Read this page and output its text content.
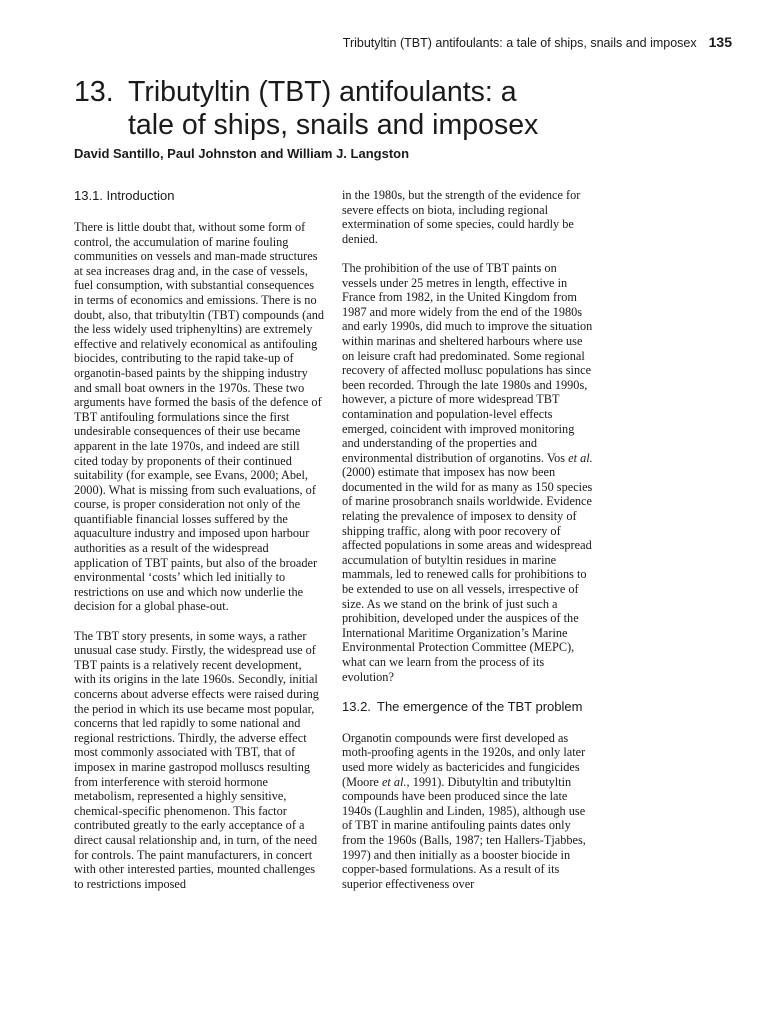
Tributyltin (TBT) antifoulants: a tale of ships, snails and imposex 135
13. Tributyltin (TBT) antifoulants: a
tale of ships, snails and imposex
David Santillo, Paul Johnston and William J. Langston
13.1. Introduction

There is little doubt that, without some form of control, the accumulation of marine fouling communities on vessels and man-made structures at sea increases drag and, in the case of vessels, fuel consumption, with substantial consequences in terms of economics and emissions. There is no doubt, also, that tributyltin (TBT) compounds (and the less widely used triphenyltins) are extremely effective and relatively economical as antifouling biocides, contributing to the rapid take-up of organotin-based paints by the shipping industry and small boat owners in the 1970s. These two arguments have formed the basis of the defence of TBT antifouling formulations since the first undesirable consequences of their use became apparent in the late 1970s, and indeed are still cited today by proponents of their continued suitability (for example, see Evans, 2000; Abel, 2000). What is missing from such evaluations, of course, is proper consideration not only of the quantifiable financial losses suffered by the aquaculture industry and imposed upon harbour authorities as a result of the widespread application of TBT paints, but also of the broader environmental ‘costs’ which led initially to restrictions on use and which now underlie the decision for a global phase-out.

The TBT story presents, in some ways, a rather unusual case study. Firstly, the widespread use of TBT paints is a relatively recent development, with its origins in the late 1960s. Secondly, initial concerns about adverse effects were raised during the period in which its use became most popular, concerns that led rapidly to some national and regional restrictions. Thirdly, the adverse effect most commonly associated with TBT, that of imposex in marine gastropod molluscs resulting from interference with steroid hormone metabolism, represented a highly sensitive, chemical-specific phenomenon. This factor contributed greatly to the early acceptance of a direct causal relationship and, in turn, of the need for controls. The paint manufacturers, in concert with other interested parties, mounted challenges to restrictions imposed

in the 1980s, but the strength of the evidence for severe effects on biota, including regional extermination of some species, could hardly be denied.

The prohibition of the use of TBT paints on vessels under 25 metres in length, effective in France from 1982, in the United Kingdom from 1987 and more widely from the end of the 1980s and early 1990s, did much to improve the situation within marinas and sheltered harbours where use on leisure craft had predominated. Some regional recovery of affected mollusc populations has since been recorded. Through the late 1980s and 1990s, however, a picture of more widespread TBT contamination and population-level effects emerged, coincident with improved monitoring and understanding of the properties and environmental distribution of organotins. Vos et al. (2000) estimate that imposex has now been documented in the wild for as many as 150 species of marine prosobranch snails worldwide. Evidence relating the prevalence of imposex to density of shipping traffic, along with poor recovery of affected populations in some areas and widespread accumulation of butyltin residues in marine mammals, led to renewed calls for prohibitions to be extended to use on all vessels, irrespective of size. As we stand on the brink of just such a prohibition, developed under the auspices of the International Maritime Organization’s Marine Environmental Protection Committee (MEPC), what can we learn from the process of its evolution?

13.2. The emergence of the TBT problem

Organotin compounds were first developed as moth-proofing agents in the 1920s, and only later used more widely as bactericides and fungicides (Moore et al., 1991). Dibutyltin and tributyltin compounds have been produced since the late 1940s (Laughlin and Linden, 1985), although use of TBT in marine antifouling paints dates only from the 1960s (Balls, 1987; ten Hallers-Tjabbes, 1997) and then initially as a booster biocide in copper-based formulations. As a result of its superior effectiveness over
